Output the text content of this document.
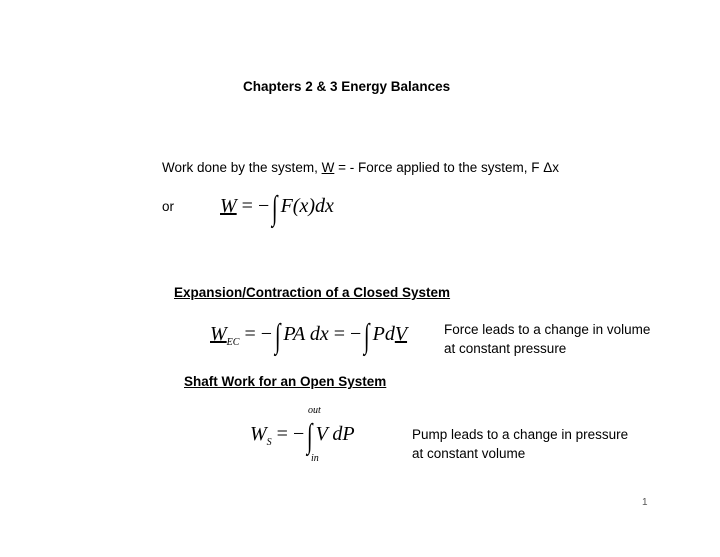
Chapters 2 & 3 Energy Balances
Work done by the system, W = - Force applied to the system, F Δx
or W = −∫ F(x)dx
Expansion/Contraction of a Closed System
$W_{EC}$ = −∫ PA dx = −∫ PdV	Force leads to a change in volume
at constant pressure
Shaft Work for an Open System
$W_S$ = −∫ V dP
out
in
Pump leads to a change in pressure
at constant volume
1
